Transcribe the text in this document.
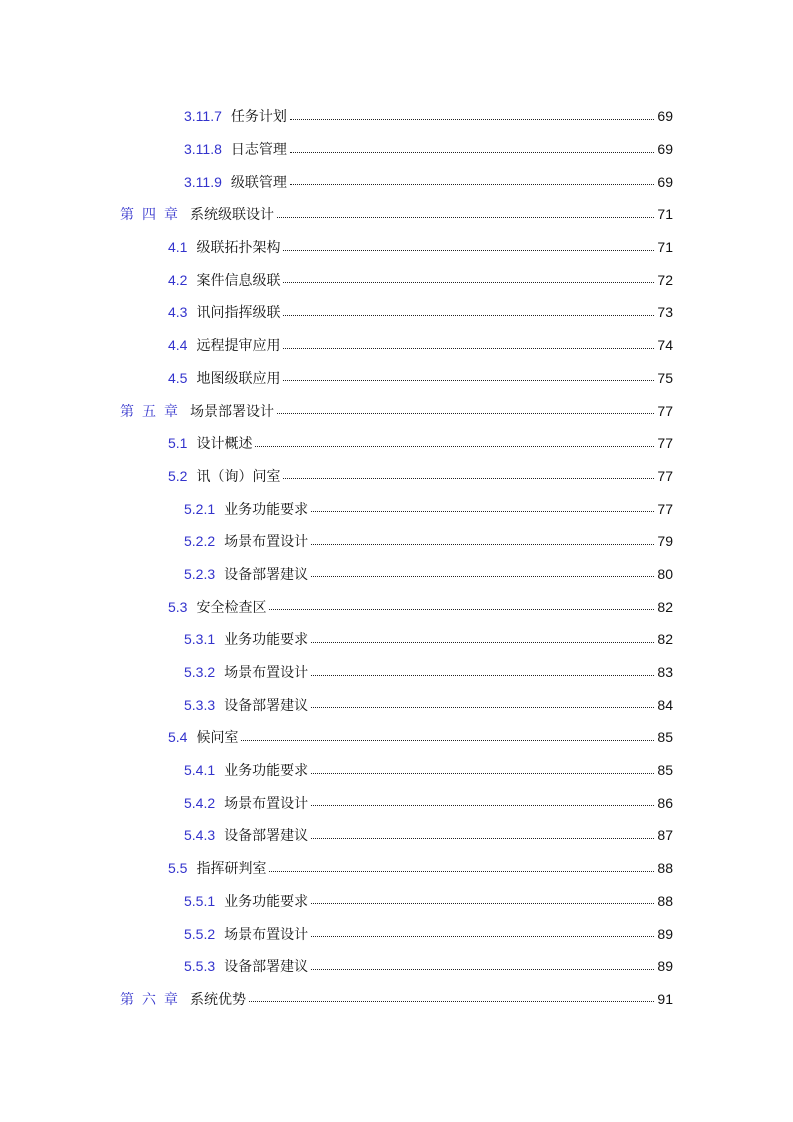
3.11.7 任务计划	69
3.11.8 日志管理	69
3.11.9 级联管理	69
第四章 系统级联设计	71
4.1 级联拓扑架构	71
4.2 案件信息级联	72
4.3 讯问指挥级联	73
4.4 远程提审应用	74
4.5 地图级联应用	75
第五章 场景部署设计	77
5.1 设计概述	77
5.2 讯（询）问室	77
5.2.1 业务功能要求	77
5.2.2 场景布置设计	79
5.2.3 设备部署建议	80
5.3 安全检查区	82
5.3.1 业务功能要求	82
5.3.2 场景布置设计	83
5.3.3 设备部署建议	84
5.4 候问室	85
5.4.1 业务功能要求	85
5.4.2 场景布置设计	86
5.4.3 设备部署建议	87
5.5 指挥研判室	88
5.5.1 业务功能要求	88
5.5.2 场景布置设计	89
5.5.3 设备部署建议	89
第六章 系统优势	91
